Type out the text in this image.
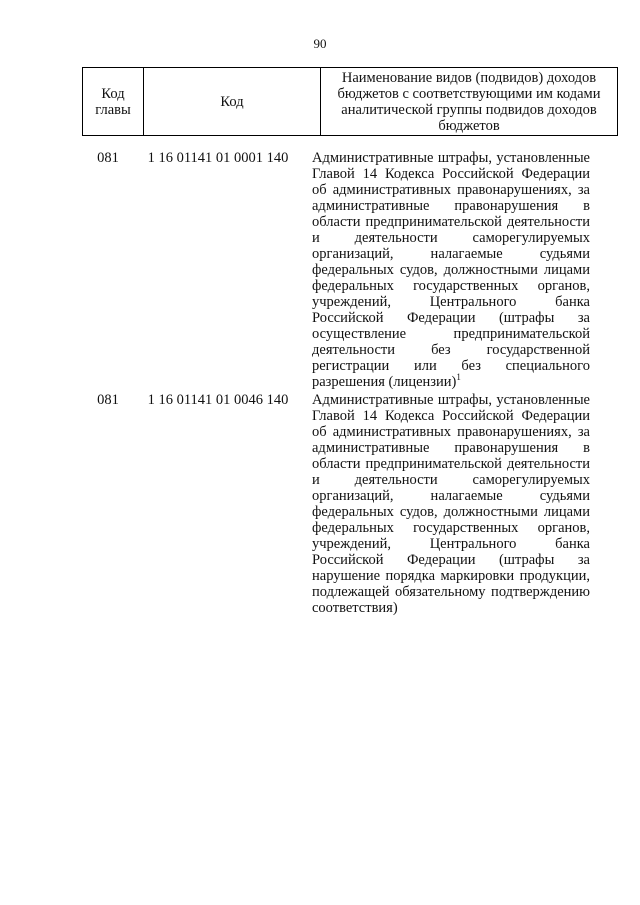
90
Код главы	Код	Наименование видов (подвидов) доходов бюджетов с соответствующими им кодами аналитической группы подвидов доходов бюджетов
081	1 16 01141 01 0001 140	Административные штрафы, установленные Главой 14 Кодекса Российской Федерации об административных правонарушениях, за административные правонарушения в области предпринимательской деятельности и деятельности саморегулируемых организаций, налагаемые судьями федеральных судов, должностными лицами федеральных государственных органов, учреждений, Центрального банка Российской Федерации (штрафы за осуществление предпринимательской деятельности без государственной регистрации или без специального разрешения (лицензии)$^1$
081	1 16 01141 01 0046 140	Административные штрафы, установленные Главой 14 Кодекса Российской Федерации об административных правонарушениях, за административные правонарушения в области предпринимательской деятельности и деятельности саморегулируемых организаций, налагаемые судьями федеральных судов, должностными лицами федеральных государственных органов, учреждений, Центрального банка Российской Федерации (штрафы за нарушение порядка маркировки продукции, подлежащей обязательному подтверждению соответствия)
